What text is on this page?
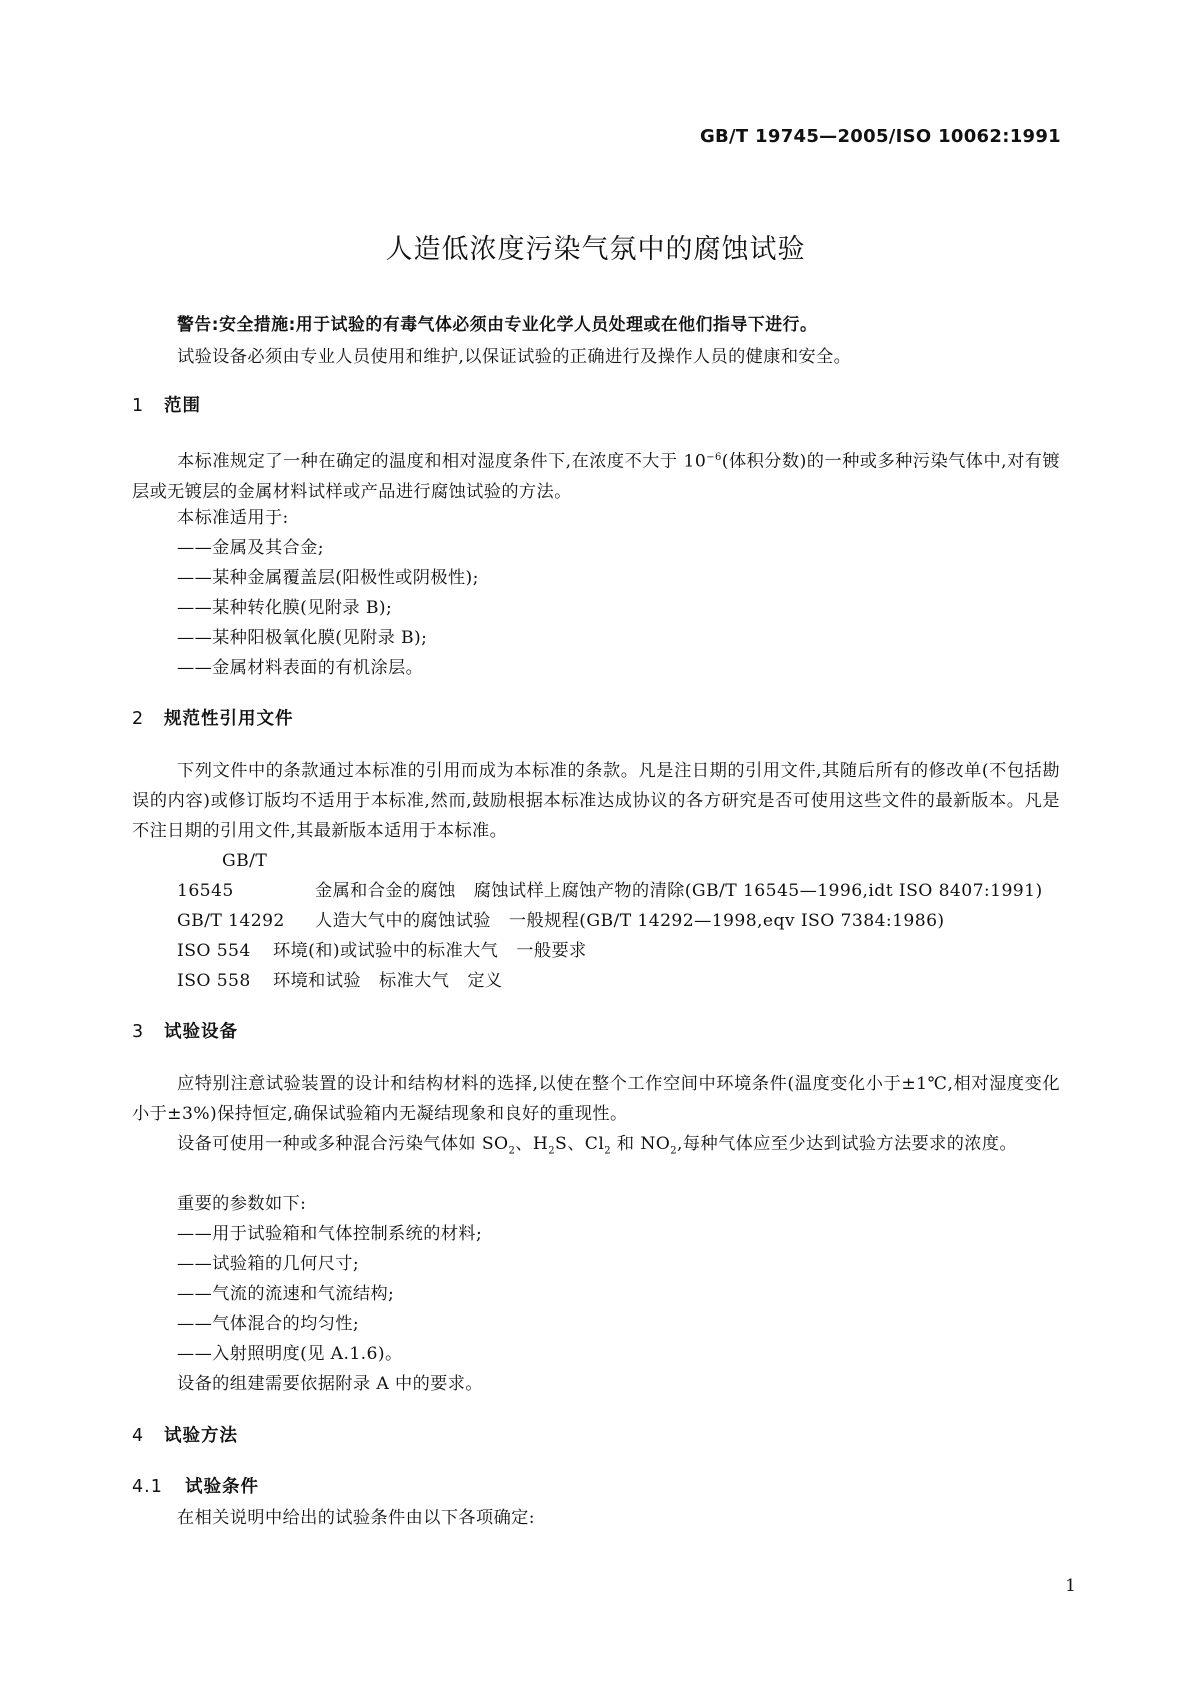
GB/T 19745—2005/ISO 10062:1991
人造低浓度污染气氛中的腐蚀试验
警告:安全措施:用于试验的有毒气体必须由专业化学人员处理或在他们指导下进行。
试验设备必须由专业人员使用和维护,以保证试验的正确进行及操作人员的健康和安全。
1 范围
本标准规定了一种在确定的温度和相对湿度条件下,在浓度不大于 $10^{-6}$(体积分数)的一种或多种污染气体中,对有镀层或无镀层的金属材料试样或产品进行腐蚀试验的方法。
本标准适用于:
——金属及其合金;
——某种金属覆盖层(阳极性或阴极性);
——某种转化膜(见附录 B);
——某种阳极氧化膜(见附录 B);
——金属材料表面的有机涂层。
2 规范性引用文件
下列文件中的条款通过本标准的引用而成为本标准的条款。凡是注日期的引用文件,其随后所有的修改单(不包括勘误的内容)或修订版均不适用于本标准,然而,鼓励根据本标准达成协议的各方研究是否可使用这些文件的最新版本。凡是不注日期的引用文件,其最新版本适用于本标准。
GB/T 16545	金属和合金的腐蚀 腐蚀试样上腐蚀产物的清除(GB/T 16545—1996,idt ISO 8407:1991)
GB/T 14292 人造大气中的腐蚀试验 一般规程(GB/T 14292—1998,eqv ISO 7384:1986)
ISO 554 环境(和)或试验中的标准大气 一般要求
ISO 558 环境和试验 标准大气 定义
3 试验设备
应特别注意试验装置的设计和结构材料的选择,以使在整个工作空间中环境条件(温度变化小于±1℃,相对湿度变化小于±3%)保持恒定,确保试验箱内无凝结现象和良好的重现性。
设备可使用一种或多种混合污染气体如 $SO_2$、$H_2S$、$Cl_2$ 和 $NO_2$,每种气体应至少达到试验方法要求的浓度。
重要的参数如下:
——用于试验箱和气体控制系统的材料;
——试验箱的几何尺寸;
——气流的流速和气流结构;
——气体混合的均匀性;
——入射照明度(见 A.1.6)。
设备的组建需要依据附录 A 中的要求。
4 试验方法
4.1 试验条件
在相关说明中给出的试验条件由以下各项确定:
1
